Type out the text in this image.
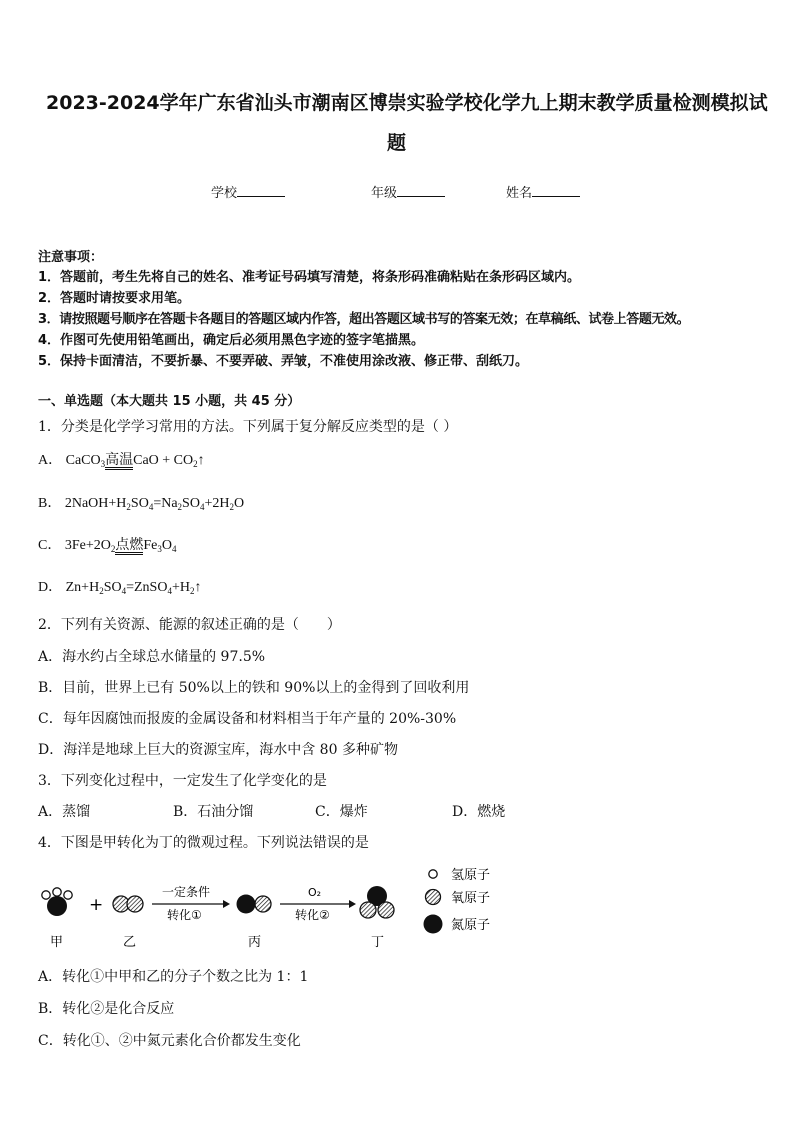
2023-2024学年广东省汕头市潮南区博崇实验学校化学九上期末教学质量检测模拟试
题
学校	年级	姓名
注意事项：
1．答题前，考生先将自己的姓名、准考证号码填写清楚，将条形码准确粘贴在条形码区域内。
2．答题时请按要求用笔。
3．请按照题号顺序在答题卡各题目的答题区域内作答，超出答题区域书写的答案无效；在草稿纸、试卷上答题无效。
4．作图可先使用铅笔画出，确定后必须用黑色字迹的签字笔描黑。
5．保持卡面清洁，不要折暴、不要弄破、弄皱，不准使用涂改液、修正带、刮纸刀。
一、单选题（本大题共 15 小题，共 45 分）
1．分类是化学学习常用的方法。下列属于复分解反应类型的是（ ）
A． CaCO$_3$高温CaO + $CO_2↑$
B． $2NaOH+H_2SO_4=Na_2SO_4+2H_2O$
C． $3Fe+2O_2$点燃$Fe_3O_4$
D． $Zn+H_2SO_4=ZnSO_4+H_2↑$
2．下列有关资源、能源的叙述正确的是（　　）
A．海水约占全球总水储量的 97.5%
B．目前，世界上已有 50%以上的铁和 90%以上的金得到了回收利用
C．每年因腐蚀而报废的金属设备和材料相当于年产量的 20%-30%
D．海洋是地球上巨大的资源宝库，海水中含 80 多种矿物
3．下列变化过程中，一定发生了化学变化的是
A．蒸馏	B．石油分馏	C．爆炸	D．燃烧
4．下图是甲转化为丁的微观过程。下列说法错误的是
+
一定条件
转化①
O₂
转化②
氢原子
氧原子
氮原子
甲	乙	丙	丁
A．转化①中甲和乙的分子个数之比为 1：1
B．转化②是化合反应
C．转化①、②中氮元素化合价都发生变化
